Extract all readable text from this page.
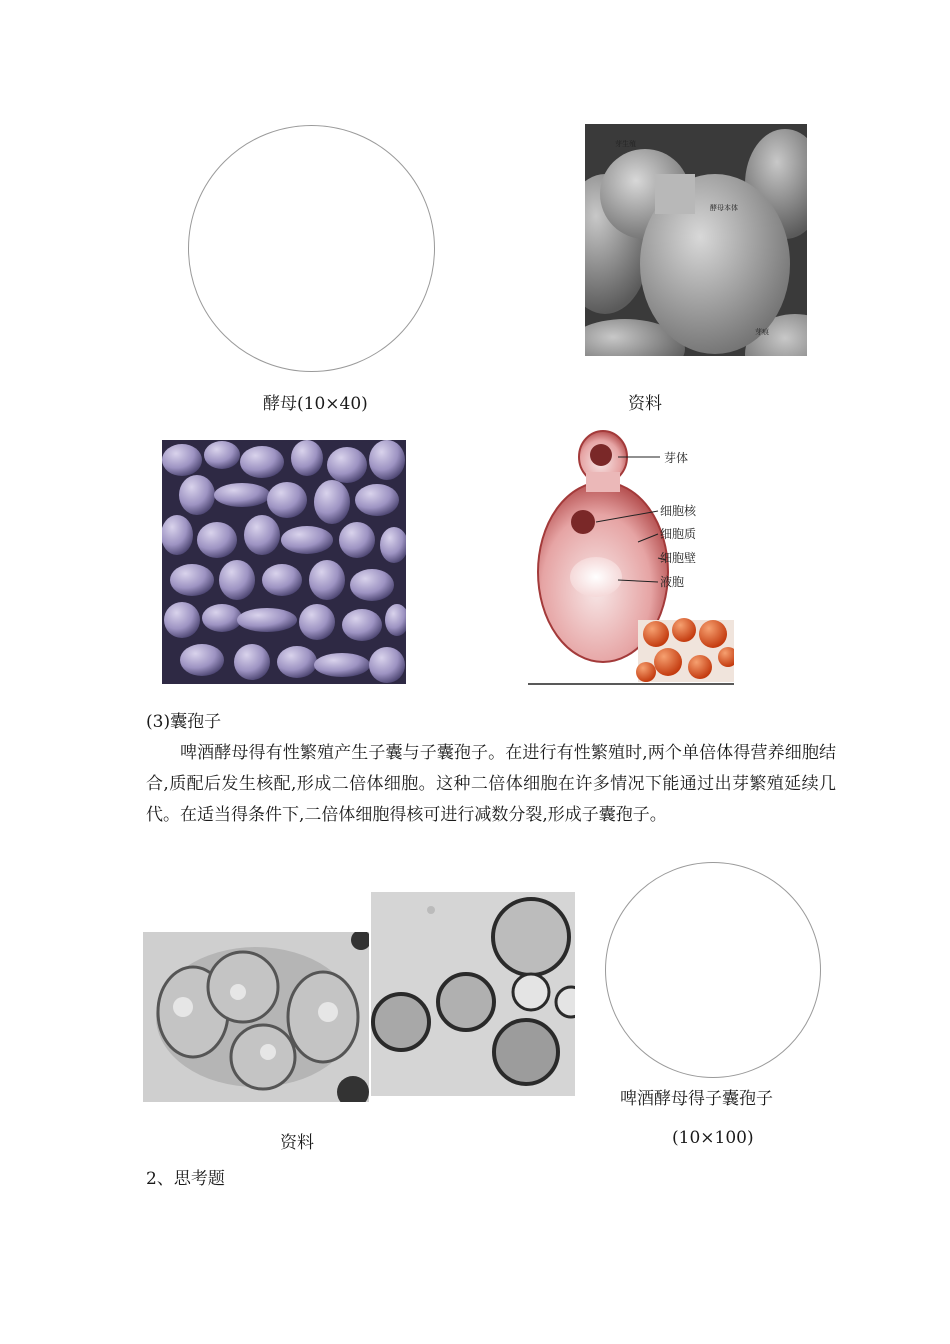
芽生殖
酵母本体
芽痕
酵母(10×40)	资料
芽体
细胞核
细胞质
细胞壁
液胞

(3)囊孢子

啤酒酵母得有性繁殖产生子囊与子囊孢子。在进行有性繁殖时,两个单倍体得营养细胞结合,质配后发生核配,形成二倍体细胞。这种二倍体细胞在许多情况下能通过出芽繁殖延续几代。在适当得条件下,二倍体细胞得核可进行减数分裂,形成子囊孢子。

啤酒酵母得子囊孢子
资料	(10×100)
2、思考题
